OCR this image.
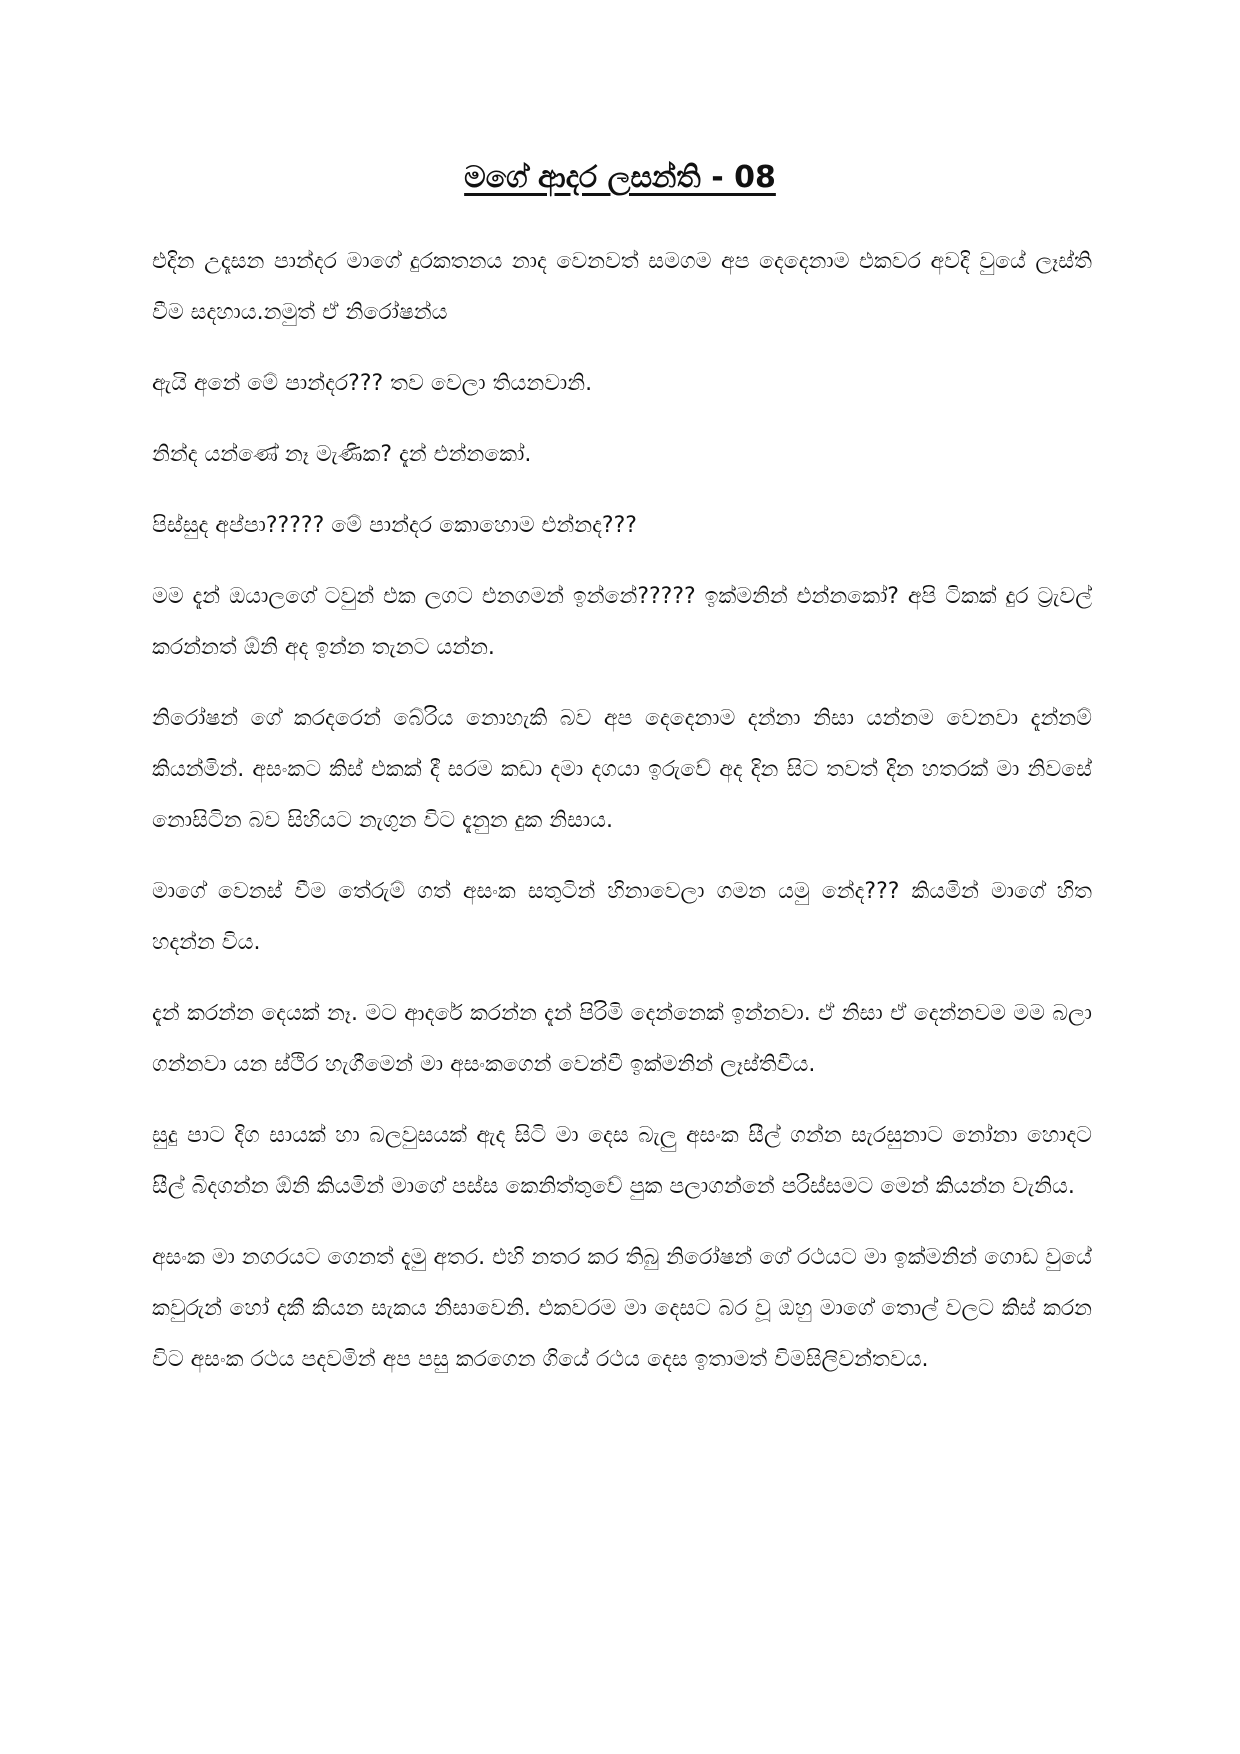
මගේ ආදර ලසන්ති - 08

එදින උදෑසන පාන්දර මාගේ දුරකතනය නාද වෙනවත් සමගම අප දෙදෙනාම එකවර අවදි වුයේ ලෑස්ති වීම සදහාය.නමුත් ඒ නිරෝෂන්ය

ඇයි අනේ මේ පාන්දර??? තව වෙලා තියනවානි.

නින්ද යන්ණේ නෑ මැණික? දැන් එන්නකෝ.

පිස්සුද අප්පා????? මේ පාන්දර කොහොම එන්නද???

මම දැන් ඔයාලගේ ටවුන් එක ලගට එනගමන් ඉන්නේ????? ඉක්මනින් එන්නකෝ? අපි ටිකක් දුර ට්‍රැවල් කරන්නත් ඕනි අද ඉන්න තැනට යන්න.

නිරෝෂන් ගේ කරදරෙන් බේරිය නොහැකි බව අප දෙදෙනාම දන්නා නිසා යන්නම වෙනවා දැන්නම් කියන්මින්. අසංකට කිස් එකක් දී සරම කඩා දමා දගයා ඉරුවේ අද දින සිට තවත් දින හතරක් මා නිවසේ නොසිටින බව සිහියට නැගුන විට දැනුන දුක නිසාය.

මාගේ වෙනස් වීම තේරුම් ගත් අසංක සතුටින් හිනාවෙලා ගමන යමු නේද??? කියමින් මාගේ හිත හදන්න විය.

දැන් කරන්න දෙයක් නෑ. මට ආදරේ කරන්න දැන් පිරිමි දෙන්නෙක් ඉන්නවා. ඒ නිසා ඒ දෙන්නවම මම බලා ගන්නවා යන ස්ථිර හැගීමෙන් මා අසංකගෙන් වෙන්වී ඉක්මනින් ලෑස්තිවීය.

සුදු පාට දිග සායක් හා බලවුසයක් ඇද සිටි මා දෙස බැලු අසංක සීල් ගන්න සැරසුනාට නෝනා හොදට සීල් බිදගන්න ඕනි කියමින් මාගේ පස්ස කෙනිත්තුවේ පුක පලාගන්නේ පරිස්සමට මෙන් කියන්න වැනිය.

අසංක මා නගරයට ගෙනත් දැමු අතර. එහි නතර කර තිබු නිරෝෂන් ගේ රථයට මා ඉක්මනින් ගොඩ වුයේ කවුරුන් හෝ දකී කියන සැකය නිසාවෙනි. එකවරම මා දෙසට බර වූ ඔහු මාගේ තොල් වලට කිස් කරන විට අසංක රථය පදවමින් අප පසු කරගෙන ගියේ රථය දෙස ඉතාමත් විමසිලිවන්තවය.
